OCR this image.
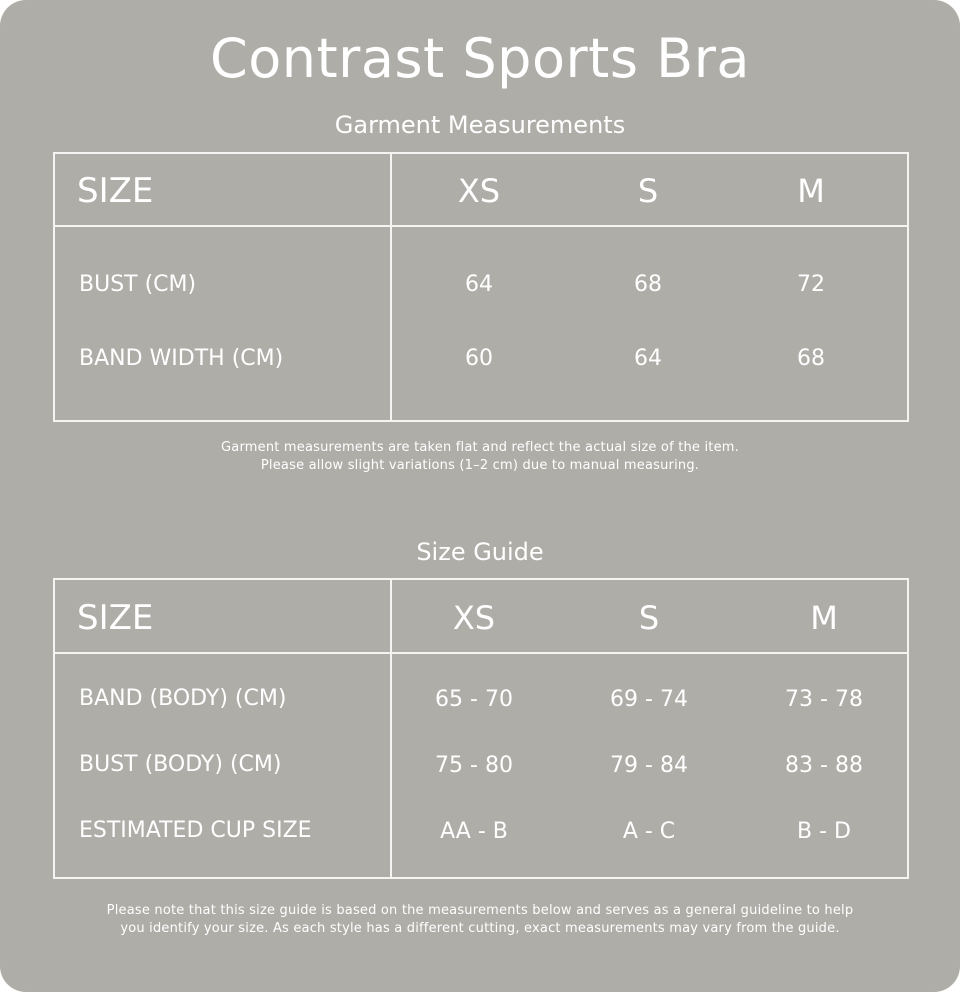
Contrast Sports Bra
Garment Measurements
SIZE	XS	S	M
BUST (CM)	64	68	72
BAND WIDTH (CM)	60	64	68
Garment measurements are taken flat and reflect the actual size of the item.
Please allow slight variations (1–2 cm) due to manual measuring.
Size Guide
SIZE	XS	S	M
BAND (BODY) (CM)	65 - 70	69 - 74	73 - 78
BUST (BODY) (CM)	75 - 80	79 - 84	83 - 88
ESTIMATED CUP SIZE	AA - B	A - C	B - D
Please note that this size guide is based on the measurements below and serves as a general guideline to help
you identify your size. As each style has a different cutting, exact measurements may vary from the guide.
